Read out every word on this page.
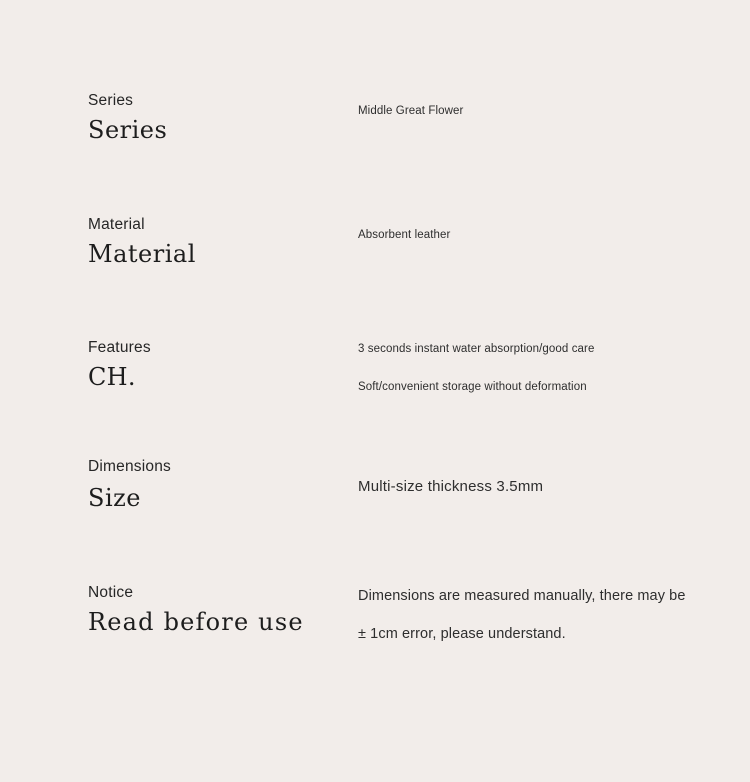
Series
Series
Middle Great Flower
Material
Material
Absorbent leather
Features
CH.
3 seconds instant water absorption/good care
Soft/convenient storage without deformation
Dimensions
Size	Multi-size thickness 3.5mm
Notice
Read before use
Dimensions are measured manually, there may be
± 1cm error, please understand.
